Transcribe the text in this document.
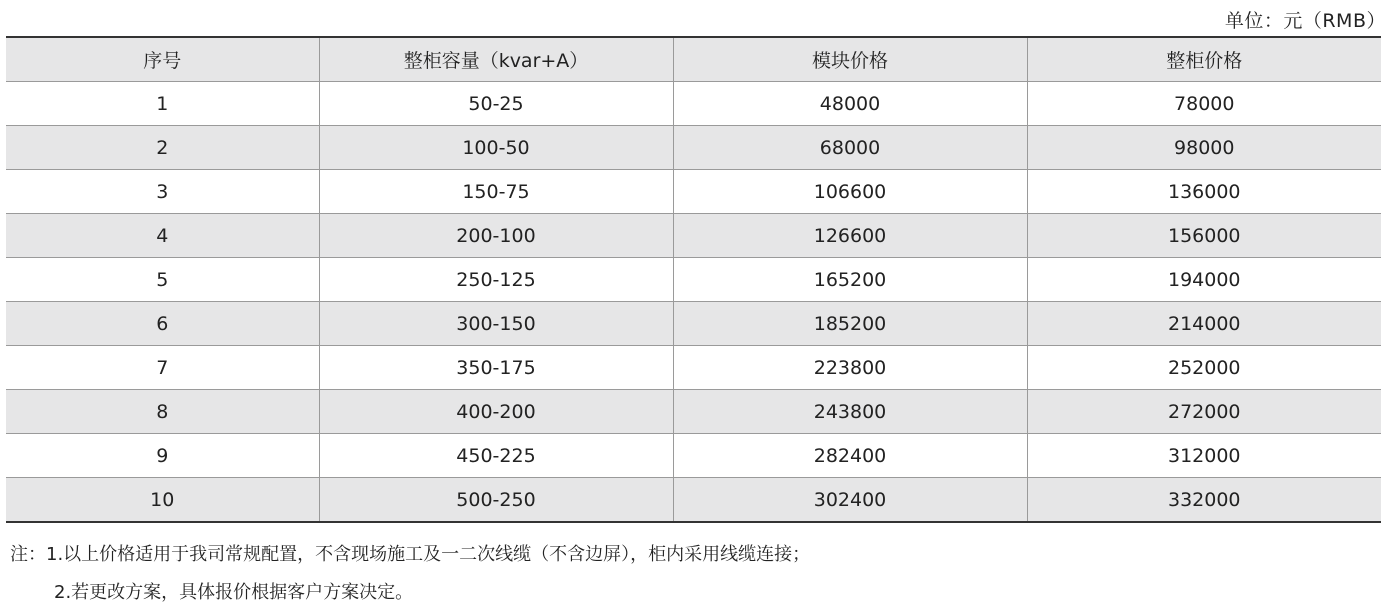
单位：元（RMB）
序号	整柜容量（kvar+A）	模块价格	整柜价格
1	50-25	48000	78000
2	100-50	68000	98000
3	150-75	106600	136000
4	200-100	126600	156000
5	250-125	165200	194000
6	300-150	185200	214000
7	350-175	223800	252000
8	400-200	243800	272000
9	450-225	282400	312000
10	500-250	302400	332000
注：1.以上价格适用于我司常规配置，不含现场施工及一二次线缆（不含边屏），柜内采用线缆连接；
2.若更改方案，具体报价根据客户方案决定。
